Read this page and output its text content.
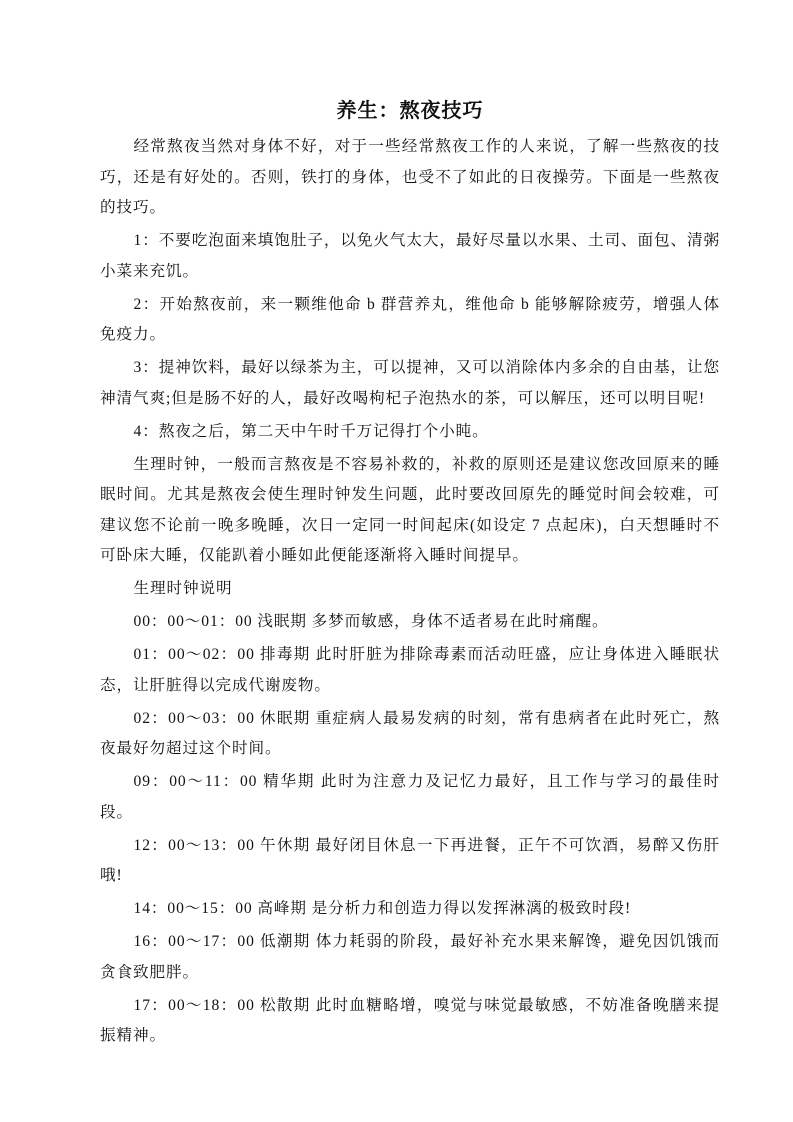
养生：熬夜技巧

经常熬夜当然对身体不好，对于一些经常熬夜工作的人来说，了解一些熬夜的技巧，还是有好处的。否则，铁打的身体，也受不了如此的日夜操劳。下面是一些熬夜的技巧。

1：不要吃泡面来填饱肚子，以免火气太大，最好尽量以水果、土司、面包、清粥小菜来充饥。

2：开始熬夜前，来一颗维他命 b 群营养丸，维他命 b 能够解除疲劳，增强人体免疫力。

3：提神饮料，最好以绿茶为主，可以提神，又可以消除体内多余的自由基，让您神清气爽;但是肠不好的人，最好改喝枸杞子泡热水的茶，可以解压，还可以明目呢!

4：熬夜之后，第二天中午时千万记得打个小盹。

生理时钟，一般而言熬夜是不容易补救的，补救的原则还是建议您改回原来的睡眠时间。尤其是熬夜会使生理时钟发生问题，此时要改回原先的睡觉时间会较难，可建议您不论前一晚多晚睡，次日一定同一时间起床(如设定 7 点起床)，白天想睡时不可卧床大睡，仅能趴着小睡如此便能逐渐将入睡时间提早。

生理时钟说明

00：00～01：00 浅眠期 多梦而敏感，身体不适者易在此时痛醒。

01：00～02：00 排毒期 此时肝脏为排除毒素而活动旺盛，应让身体进入睡眠状态，让肝脏得以完成代谢废物。

02：00～03：00 休眠期 重症病人最易发病的时刻，常有患病者在此时死亡，熬夜最好勿超过这个时间。

09：00～11：00 精华期 此时为注意力及记忆力最好，且工作与学习的最佳时段。

12：00～13：00 午休期 最好闭目休息一下再进餐，正午不可饮酒，易醉又伤肝哦!

14：00～15：00 高峰期 是分析力和创造力得以发挥淋漓的极致时段!

16：00～17：00 低潮期 体力耗弱的阶段，最好补充水果来解馋，避免因饥饿而贪食致肥胖。

17：00～18：00 松散期 此时血糖略增，嗅觉与味觉最敏感，不妨准备晚膳来提振精神。
